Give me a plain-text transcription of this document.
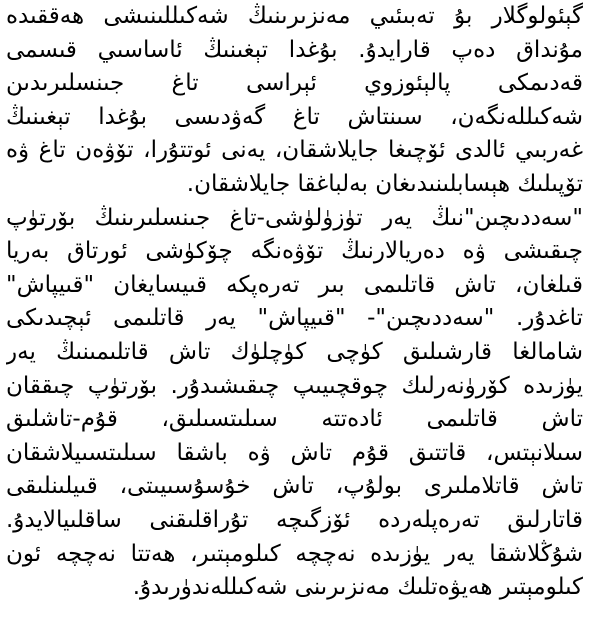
گېئولوگلار بۇ تەبىئىي مەنزىرىنىڭ شەكىللىنىشى ھەققىدە
مۇنداق دەپ قارايدۇ. بۇغدا تېغىنىڭ ئاساسىي قىسمى
قەدىمكى پالېئوزوي ئېراسى تاغ جىنسلىرىدىن
شەكىللەنگەن، سىنتاش تاغ گەۋدىسى بۇغدا تېغىنىڭ
غەربىي ئالدى ئۆچىغا جايلاشقان، يەنى ئوتتۇرا، تۆۋەن تاغ ۋە
تۆپىلىك ھېسابلىنىدىغان بەلباغقا جايلاشقان.
"سەددىچىن"نىڭ يەر تۈزۈلۈشى-تاغ جىنسلىرىنىڭ بۆرتۈپ
چىقىشى ۋە دەريالارنىڭ تۆۋەنگە چۆكۈشى ئورتاق بەريا
قىلغان، تاش قاتلىمى بىر تەرەپكە قىيسايغان "قىيپاش"
تاغدۇر. "سەددىچىن"- "قىيپاش" يەر قاتلىمى ئېچىدىكى
شامالغا قارشىلىق كۈچى كۈچلۈك تاش قاتلىمىنىڭ يەر
يۈزىدە كۆرۈنەرلىك چوقچىيىپ چىقىشىدۇر. بۆرتۈپ چىققان
تاش قاتلىمى ئادەتتە سىلىتسىلىق، قۇم-تاشلىق
سىلانېتس، قاتتىق قۇم تاش ۋە باشقا سىلىتسىيلاشقان
تاش قاتلاملىرى بولۇپ، تاش خۇسۇسىيىتى، قىيلىنلىقى
قاتارلىق تەرەپلەردە ئۆزگىچە تۇراقلىقنى ساقلىيالايدۇ.
شۇڭلاشقا يەر يۈزىدە نەچچە كىلومېتىر، ھەتتا نەچچە ئون
كىلومېتىر ھەيۋەتلىك مەنزىرىنى شەكىللەندۈرىدۇ.
